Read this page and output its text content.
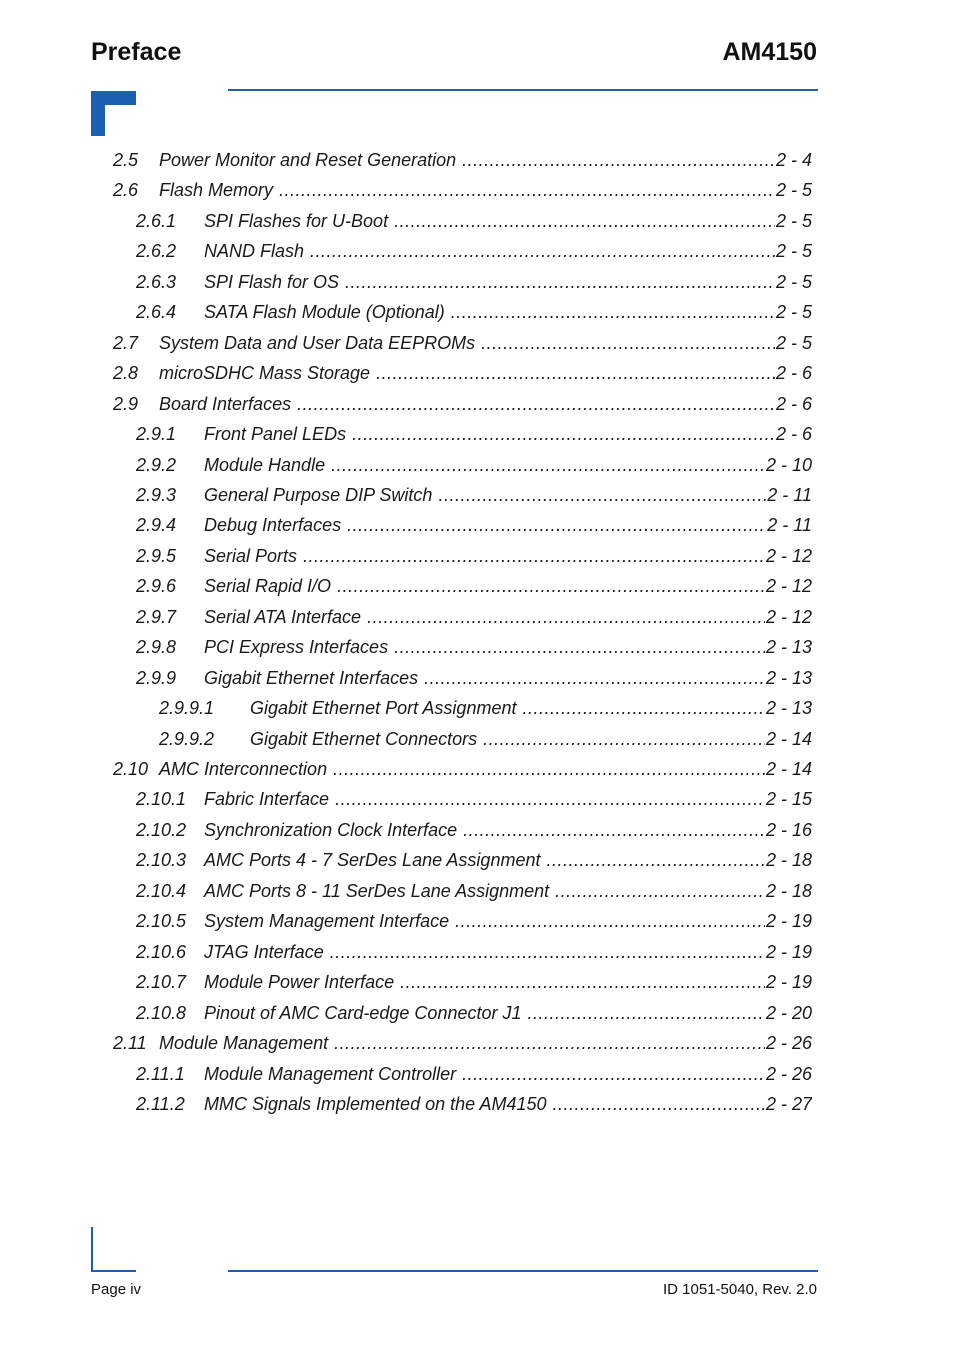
Preface	AM4150
2.5	Power Monitor and Reset Generation .....	2 - 4
2.6	Flash Memory .....	2 - 5
2.6.1	SPI Flashes for U-Boot .....	2 - 5
2.6.2	NAND Flash .....	2 - 5
2.6.3	SPI Flash for OS .....	2 - 5
2.6.4	SATA Flash Module (Optional) .....	2 - 5
2.7	System Data and User Data EEPROMs .....	2 - 5
2.8	microSDHC Mass Storage .....	2 - 6
2.9	Board Interfaces .....	2 - 6
2.9.1	Front Panel LEDs .....	2 - 6
2.9.2	Module Handle .....	2 - 10
2.9.3	General Purpose DIP Switch .....	2 - 11
2.9.4	Debug Interfaces .....	2 - 11
2.9.5	Serial Ports .....	2 - 12
2.9.6	Serial Rapid I/O .....	2 - 12
2.9.7	Serial ATA Interface .....	2 - 12
2.9.8	PCI Express Interfaces .....	2 - 13
2.9.9	Gigabit Ethernet Interfaces .....	2 - 13
2.9.9.1	Gigabit Ethernet Port Assignment .....	2 - 13
2.9.9.2	Gigabit Ethernet Connectors .....	2 - 14
2.10 AMC Interconnection .....	2 - 14
2.10.1 Fabric Interface .....	2 - 15
2.10.2 Synchronization Clock Interface .....	2 - 16
2.10.3 AMC Ports 4 - 7 SerDes Lane Assignment .....	2 - 18
2.10.4 AMC Ports 8 - 11 SerDes Lane Assignment .....	2 - 18
2.10.5 System Management Interface .....	2 - 19
2.10.6 JTAG Interface .....	2 - 19
2.10.7 Module Power Interface .....	2 - 19
2.10.8 Pinout of AMC Card-edge Connector J1 .....	2 - 20
2.11 Module Management .....	2 - 26
2.11.1	Module Management Controller .....	2 - 26
2.11.2	MMC Signals Implemented on the AM4150 .....	2 - 27
Page iv	ID 1051-5040, Rev. 2.0
